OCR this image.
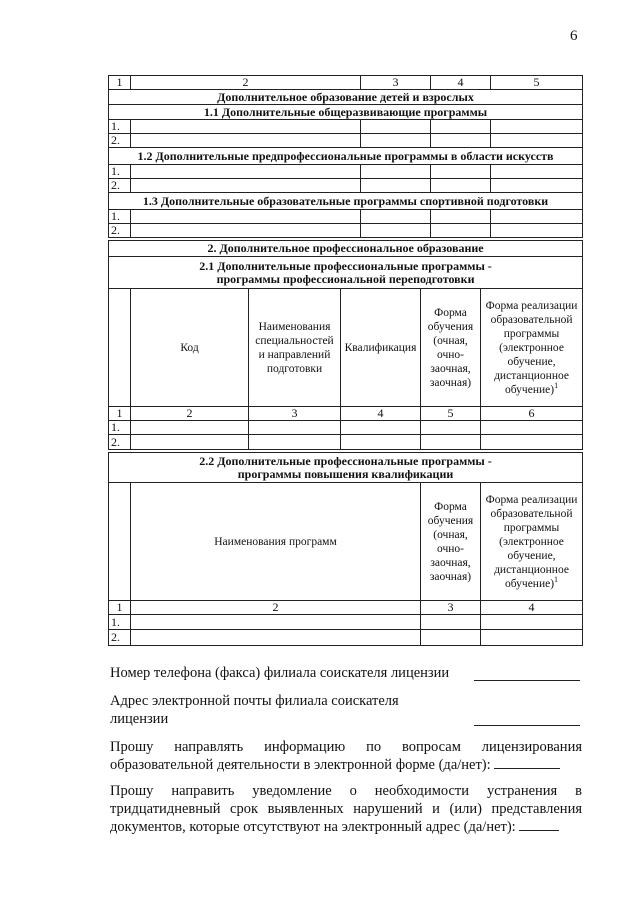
6
1	2	3	4	5
Дополнительное образование детей и взрослых				
1.1 Дополнительные общеразвивающие программы				
1.				
2.				
1.2 Дополнительные предпрофессиональные программы в области искусств				
1.				
2.				
1.3 Дополнительные образовательные программы спортивной подготовки				
1.				
2.				
2. Дополнительное профессиональное образование					

2.1 Дополнительные профессиональные программы -
программы профессиональной переподготовки					

	Код	Наименования специальностей и направлений подготовки	Квалификация	Форма обучения (очная, очно-заочная, заочная)	Форма реализации образовательной программы (электронное обучение, дистанционное обучение)$^1$
1	2	3	4	5	6
1.					
2.					
2.2 Дополнительные профессиональные программы -
программы повышения квалификации			

	Наименования программ	Форма обучения (очная, очно-заочная, заочная)	Форма реализации образовательной программы (электронное обучение, дистанционное обучение)$^1$
1	2	3	4
1.			
2.			
Номер телефона (факса) филиала соискателя лицензии
Адрес электронной почты филиала соискателя
лицензии
Прошу направлять информацию по вопросам лицензирования образовательной деятельности в электронной форме (да/нет):
Прошу направить уведомление о необходимости устранения в тридцатидневный срок выявленных нарушений и (или) представления документов, которые отсутствуют на электронный адрес (да/нет):
